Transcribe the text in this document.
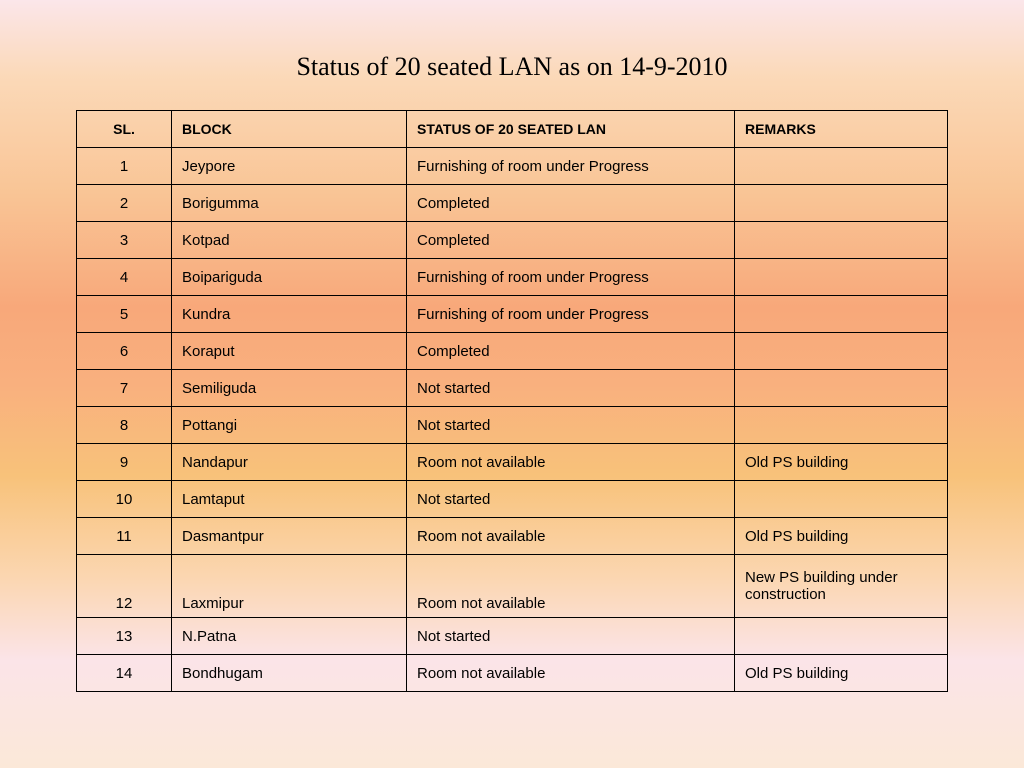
Status of 20 seated LAN as on 14-9-2010
SL.	BLOCK	STATUS OF 20 SEATED LAN	REMARKS
1	Jeypore	Furnishing of room under Progress	
2	Borigumma	Completed	
3	Kotpad	Completed	
4	Boipariguda	Furnishing of room under Progress	
5	Kundra	Furnishing of room under Progress	
6	Koraput	Completed	
7	Semiliguda	Not started	
8	Pottangi	Not started	
9	Nandapur	Room not available	Old PS building
10	Lamtaput	Not started	
11	Dasmantpur	Room not available	Old PS building
12	Laxmipur	Room not available	New PS building under construction
13	N.Patna	Not started	
14	Bondhugam	Room not available	Old PS building
